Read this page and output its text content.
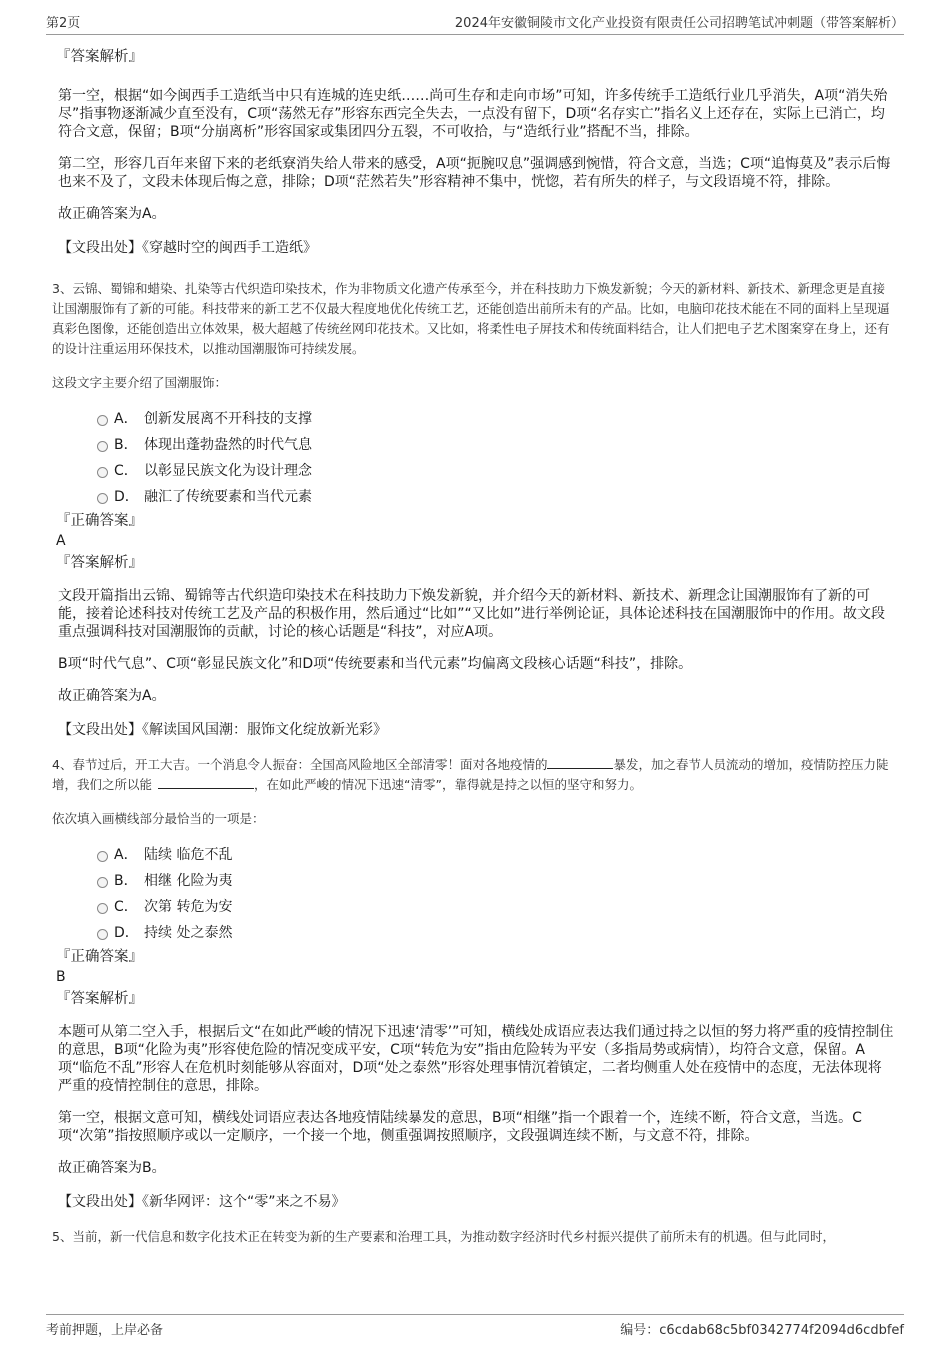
第2页	2024年安徽铜陵市文化产业投资有限责任公司招聘笔试冲刺题（带答案解析）

『答案解析』

第一空，根据“如今闽西手工造纸当中只有连城的连史纸……尚可生存和走向市场”可知，许多传统手工造纸行业几乎消失，A项“消失殆尽”指事物逐渐减少直至没有，C项“荡然无存”形容东西完全失去，一点没有留下，D项“名存实亡”指名义上还存在，实际上已消亡，均符合文意，保留；B项“分崩离析”形容国家或集团四分五裂，不可收拾，与“造纸行业”搭配不当，排除。

第二空，形容几百年来留下来的老纸寮消失给人带来的感受，A项“扼腕叹息”强调感到惋惜，符合文意，当选；C项“追悔莫及”表示后悔也来不及了，文段未体现后悔之意，排除；D项“茫然若失”形容精神不集中，恍惚，若有所失的样子，与文段语境不符，排除。

故正确答案为A。

【文段出处】《穿越时空的闽西手工造纸》

3、云锦、蜀锦和蜡染、扎染等古代织造印染技术，作为非物质文化遗产传承至今，并在科技助力下焕发新貌；今天的新材料、新技术、新理念更是直接让国潮服饰有了新的可能。科技带来的新工艺不仅最大程度地优化传统工艺，还能创造出前所未有的产品。比如，电脑印花技术能在不同的面料上呈现逼真彩色图像，还能创造出立体效果，极大超越了传统丝网印花技术。又比如，将柔性电子屏技术和传统面料结合，让人们把电子艺术图案穿在身上，还有的设计注重运用环保技术，以推动国潮服饰可持续发展。

这段文字主要介绍了国潮服饰：

A． 创新发展离不开科技的支撑
B． 体现出蓬勃盎然的时代气息
C． 以彰显民族文化为设计理念
D． 融汇了传统要素和当代元素

『正确答案』

A

『答案解析』

文段开篇指出云锦、蜀锦等古代织造印染技术在科技助力下焕发新貌，并介绍今天的新材料、新技术、新理念让国潮服饰有了新的可能，接着论述科技对传统工艺及产品的积极作用，然后通过“比如”“又比如”进行举例论证，具体论述科技在国潮服饰中的作用。故文段重点强调科技对国潮服饰的贡献，讨论的核心话题是“科技”，对应A项。

B项“时代气息”、C项“彰显民族文化”和D项“传统要素和当代元素”均偏离文段核心话题“科技”，排除。

故正确答案为A。

【文段出处】《解读国风国潮：服饰文化绽放新光彩》

4、春节过后，开工大吉。一个消息令人振奋：全国高风险地区全部清零！面对各地疫情的	暴发，加之春节人员流动的增加，疫情防控压力陡增，我们之所以能	，在如此严峻的情况下迅速“清零”，靠得就是持之以恒的坚守和努力。

依次填入画横线部分最恰当的一项是：

A． 陆续 临危不乱
B． 相继 化险为夷
C． 次第 转危为安
D． 持续 处之泰然

『正确答案』

B

『答案解析』

本题可从第二空入手，根据后文“在如此严峻的情况下迅速‘清零’”可知，横线处成语应表达我们通过持之以恒的努力将严重的疫情控制住的意思，B项“化险为夷”形容使危险的情况变成平安，C项“转危为安”指由危险转为平安（多指局势或病情），均符合文意，保留。A项“临危不乱”形容人在危机时刻能够从容面对，D项“处之泰然”形容处理事情沉着镇定，二者均侧重人处在疫情中的态度，无法体现将严重的疫情控制住的意思，排除。

第一空，根据文意可知，横线处词语应表达各地疫情陆续暴发的意思，B项“相继”指一个跟着一个，连续不断，符合文意，当选。C项“次第”指按照顺序或以一定顺序，一个接一个地，侧重强调按照顺序，文段强调连续不断，与文意不符，排除。

故正确答案为B。

【文段出处】《新华网评：这个“零”来之不易》

5、当前，新一代信息和数字化技术正在转变为新的生产要素和治理工具，为推动数字经济时代乡村振兴提供了前所未有的机遇。但与此同时，

考前押题，上岸必备	编号：c6cdab68c5bf0342774f2094d6cdbfef
